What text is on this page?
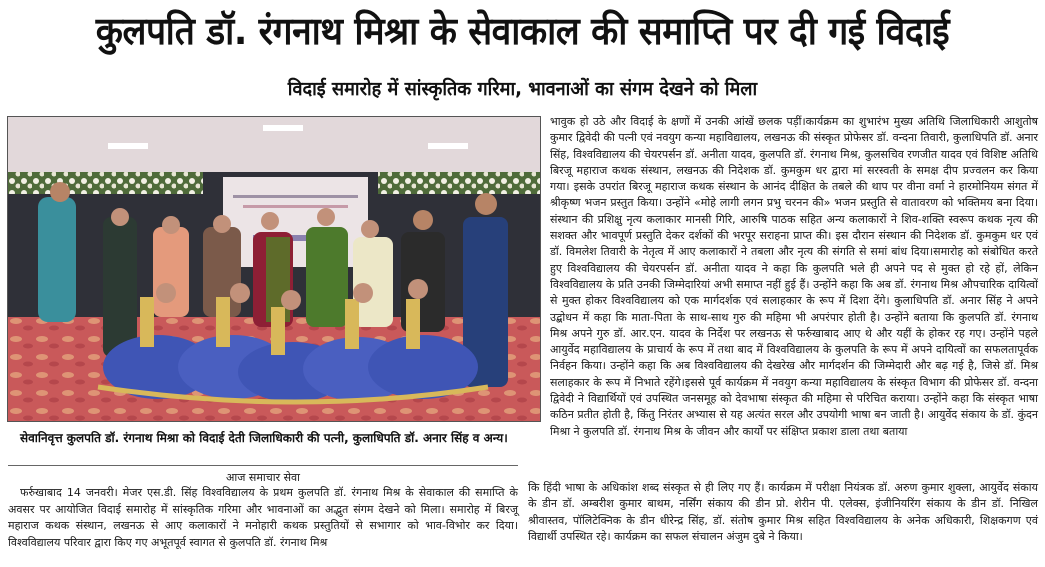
कुलपति डॉ. रंगनाथ मिश्रा के सेवाकाल की समाप्ति पर दी गई विदाई
विदाई समारोह में सांस्कृतिक गरिमा, भावनाओं का संगम देखने को मिला
सेवानिवृत्त कुलपति डॉ. रंगनाथ मिश्रा को विदाई देती जिलाधिकारी की पत्नी, कुलाधिपति डॉ. अनार सिंह व अन्य।
आज समाचार सेवा
फर्रुखाबाद 14 जनवरी। मेजर एस.डी. सिंह विश्वविद्यालय के प्रथम कुलपति डॉ. रंगनाथ मिश्र के सेवाकाल की समाप्ति के अवसर पर आयोजित विदाई समारोह में सांस्कृतिक गरिमा और भावनाओं का अद्भुत संगम देखने को मिला। समारोह में बिरजू महाराज कथक संस्थान, लखनऊ से आए कलाकारों ने मनोहारी कथक प्रस्तुतियों से सभागार को भाव-विभोर कर दिया। विश्वविद्यालय परिवार द्वारा किए गए अभूतपूर्व स्वागत से कुलपति डॉ. रंगनाथ मिश्र
भावुक हो उठे और विदाई के क्षणों में उनकी आंखें छलक पड़ीं।कार्यक्रम का शुभारंभ मुख्य अतिथि जिलाधिकारी आशुतोष कुमार द्विवेदी की पत्नी एवं नवयुग कन्या महाविद्यालय, लखनऊ की संस्कृत प्रोफेसर डॉ. वन्दना तिवारी, कुलाधिपति डॉ. अनार सिंह, विश्वविद्यालय की चेयरपर्सन डॉ. अनीता यादव, कुलपति डॉ. रंगनाथ मिश्र, कुलसचिव रणजीत यादव एवं विशिष्ट अतिथि बिरजू महाराज कथक संस्थान, लखनऊ की निदेशक डॉ. कुमकुम धर द्वारा मां सरस्वती के समक्ष दीप प्रज्वलन कर किया गया। इसके उपरांत बिरजू महाराज कथक संस्थान के आनंद दीक्षित के तबले की थाप पर वीना वर्मा ने हारमोनियम संगत में श्रीकृष्ण भजन प्रस्तुत किया। उन्होंने «मोहे लागी लगन प्रभु चरनन की» भजन प्रस्तुति से वातावरण को भक्तिमय बना दिया। संस्थान की प्रशिक्षु नृत्य कलाकार मानसी गिरि, आरुषि पाठक सहित अन्य कलाकारों ने शिव-शक्ति स्वरूप कथक नृत्य की सशक्त और भावपूर्ण प्रस्तुति देकर दर्शकों की भरपूर सराहना प्राप्त की। इस दौरान संस्थान की निदेशक डॉ. कुमकुम धर एवं डॉ. विमलेश तिवारी के नेतृत्व में आए कलाकारों ने तबला और नृत्य की संगति से समां बांध दिया।समारोह को संबोधित करते हुए विश्वविद्यालय की चेयरपर्सन डॉ. अनीता यादव ने कहा कि कुलपति भले ही अपने पद से मुक्त हो रहे हों, लेकिन विश्वविद्यालय के प्रति उनकी जिम्मेदारियां अभी समाप्त नहीं हुई हैं। उन्होंने कहा कि अब डॉ. रंगनाथ मिश्र औपचारिक दायित्वों से मुक्त होकर विश्वविद्यालय को एक मार्गदर्शक एवं सलाहकार के रूप में दिशा देंगे। कुलाधिपति डॉ. अनार सिंह ने अपने उद्बोधन में कहा कि माता-पिता के साथ-साथ गुरु की महिमा भी अपरंपार होती है। उन्होंने बताया कि कुलपति डॉ. रंगनाथ मिश्र अपने गुरु डॉ. आर.एन. यादव के निर्देश पर लखनऊ से फर्रुखाबाद आए थे और यहीं के होकर रह गए। उन्होंने पहले आयुर्वेद महाविद्यालय के प्राचार्य के रूप में तथा बाद में विश्वविद्यालय के कुलपति के रूप में अपने दायित्वों का सफलतापूर्वक निर्वहन किया। उन्होंने कहा कि अब विश्वविद्यालय की देखरेख और मार्गदर्शन की जिम्मेदारी और बढ़ गई है, जिसे डॉ. मिश्र सलाहकार के रूप में निभाते रहेंगे।इससे पूर्व कार्यक्रम में नवयुग कन्या महाविद्यालय के संस्कृत विभाग की प्रोफेसर डॉ. वन्दना द्विवेदी ने विद्यार्थियों एवं उपस्थित जनसमूह को देवभाषा संस्कृत की महिमा से परिचित कराया। उन्होंने कहा कि संस्कृत भाषा कठिन प्रतीत होती है, किंतु निरंतर अभ्यास से यह अत्यंत सरल और उपयोगी भाषा बन जाती है। आयुर्वेद संकाय के डॉ. कुंदन मिश्रा ने कुलपति डॉ. रंगनाथ मिश्र के जीवन और कार्यों पर संक्षिप्त प्रकाश डाला तथा बताया
कि हिंदी भाषा के अधिकांश शब्द संस्कृत से ही लिए गए हैं। कार्यक्रम में परीक्षा नियंत्रक डॉ. अरुण कुमार शुक्ला, आयुर्वेद संकाय के डीन डॉ. अम्बरीश कुमार बाथम, नर्सिंग संकाय की डीन प्रो. शेरीन पी. एलेक्स, इंजीनियरिंग संकाय के डीन डॉ. निखिल श्रीवास्तव, पॉलिटेक्निक के डीन धीरेन्द्र सिंह, डॉ. संतोष कुमार मिश्र सहित विश्वविद्यालय के अनेक अधिकारी, शिक्षकगण एवं विद्यार्थी उपस्थित रहे। कार्यक्रम का सफल संचालन अंजुम दुबे ने किया।
